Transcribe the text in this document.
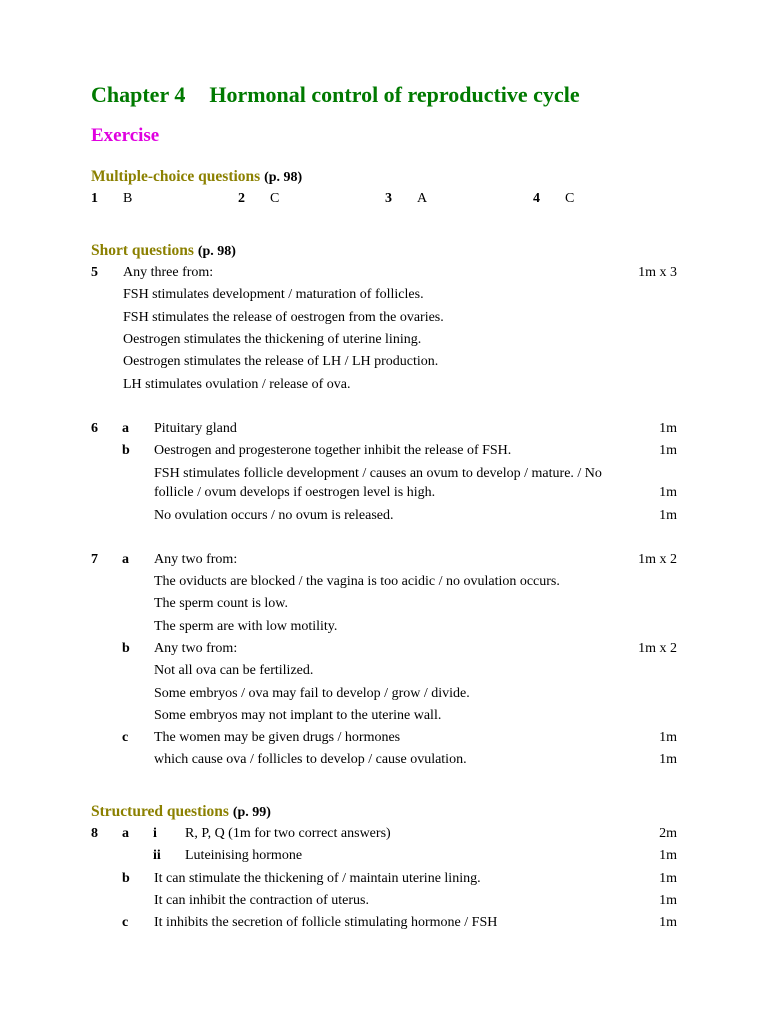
Chapter 4 Hormonal control of reproductive cycle
Exercise
Multiple-choice questions (p. 98)
1 B	2 C	3 A	4 C
Short questions (p. 98)
5 Any three from:	1m x 3
FSH stimulates development / maturation of follicles.
FSH stimulates the release of oestrogen from the ovaries.
Oestrogen stimulates the thickening of uterine lining.
Oestrogen stimulates the release of LH / LH production.
LH stimulates ovulation / release of ova.
6 a Pituitary gland	1m
b Oestrogen and progesterone together inhibit the release of FSH.	1m
FSH stimulates follicle development / causes an ovum to develop / mature. / No
follicle / ovum develops if oestrogen level is high.	1m
No ovulation occurs / no ovum is released.	1m
7 a Any two from:	1m x 2
The oviducts are blocked / the vagina is too acidic / no ovulation occurs.
The sperm count is low.
The sperm are with low motility.
b Any two from:	1m x 2
Not all ova can be fertilized.
Some embryos / ova may fail to develop / grow / divide.
Some embryos may not implant to the uterine wall.
c The women may be given drugs / hormones	1m
which cause ova / follicles to develop / cause ovulation.	1m
Structured questions (p. 99)
8 a i R, P, Q (1m for two correct answers)	2m
ii Luteinising hormone	1m
b It can stimulate the thickening of / maintain uterine lining.	1m
It can inhibit the contraction of uterus.	1m
c It inhibits the secretion of follicle stimulating hormone / FSH	1m
